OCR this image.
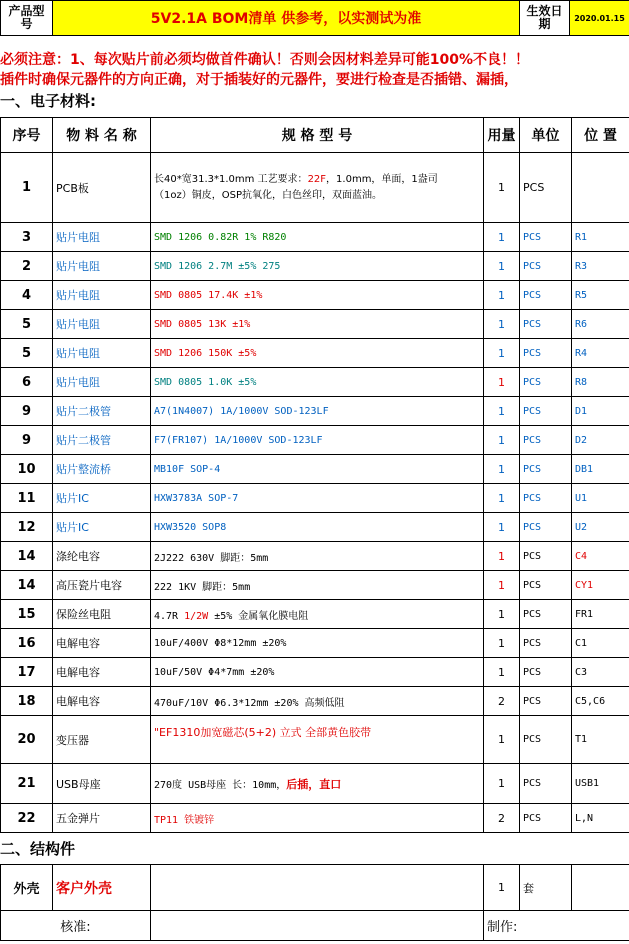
产品型号	5V2.1A BOM清单 供参考，以实测试为准	生效日期	2020.01.15
必须注意：1、每次贴片前必须均做首件确认！否则会因材料差异可能100%不良！！
插件时确保元器件的方向正确，对于插装好的元器件，要进行检查是否插错、漏插，
一、电子材料:
序号	物 料 名 称	规 格 型 号	用量	单位	位 置
1	PCB板	长40*宽31.3*1.0mm 工艺要求：22F，1.0mm，单面，1盎司
（1oz）铜皮，OSP抗氧化，白色丝印，双面蓝油。	1	PCS	
3	贴片电阻	SMD 1206 0.82R 1% R820	1	PCS	R1
2	贴片电阻	SMD 1206 2.7M ±5% 275	1	PCS	R3
4	贴片电阻	SMD 0805 17.4K ±1%	1	PCS	R5
5	贴片电阻	SMD 0805 13K ±1%	1	PCS	R6
5	贴片电阻	SMD 1206 150K ±5%	1	PCS	R4
6	贴片电阻	SMD 0805 1.0K ±5%	1	PCS	R8
9	贴片二极管	A7(1N4007) 1A/1000V SOD-123LF	1	PCS	D1
9	贴片二极管	F7(FR107) 1A/1000V SOD-123LF	1	PCS	D2
10	贴片整流桥	MB10F SOP-4	1	PCS	DB1
11	贴片IC	HXW3783A SOP-7	1	PCS	U1
12	贴片IC	HXW3520 SOP8	1	PCS	U2
14	涤纶电容	2J222 630V 脚距：5mm	1	PCS	C4
14	高压瓷片电容	222 1KV 脚距：5mm	1	PCS	CY1
15	保险丝电阻	4.7R 1/2W ±5% 金属氧化膜电阻	1	PCS	FR1
16	电解电容	10uF/400V Φ8*12mm ±20%	1	PCS	C1
17	电解电容	10uF/50V Φ4*7mm ±20%	1	PCS	C3
18	电解电容	470uF/10V Φ6.3*12mm ±20% 高频低阻	2	PCS	C5,C6
20	变压器	"EF1310加宽磁芯(5+2) 立式 全部黄色胶带	1	PCS	T1
21	USB母座	270度 USB母座 长：10mm，后插，直口	1	PCS	USB1
22	五金弹片	TP11 铁镀锌	2	PCS	L,N
二、结构件
外壳	客户外壳		1	套	
核准:			制作:		
